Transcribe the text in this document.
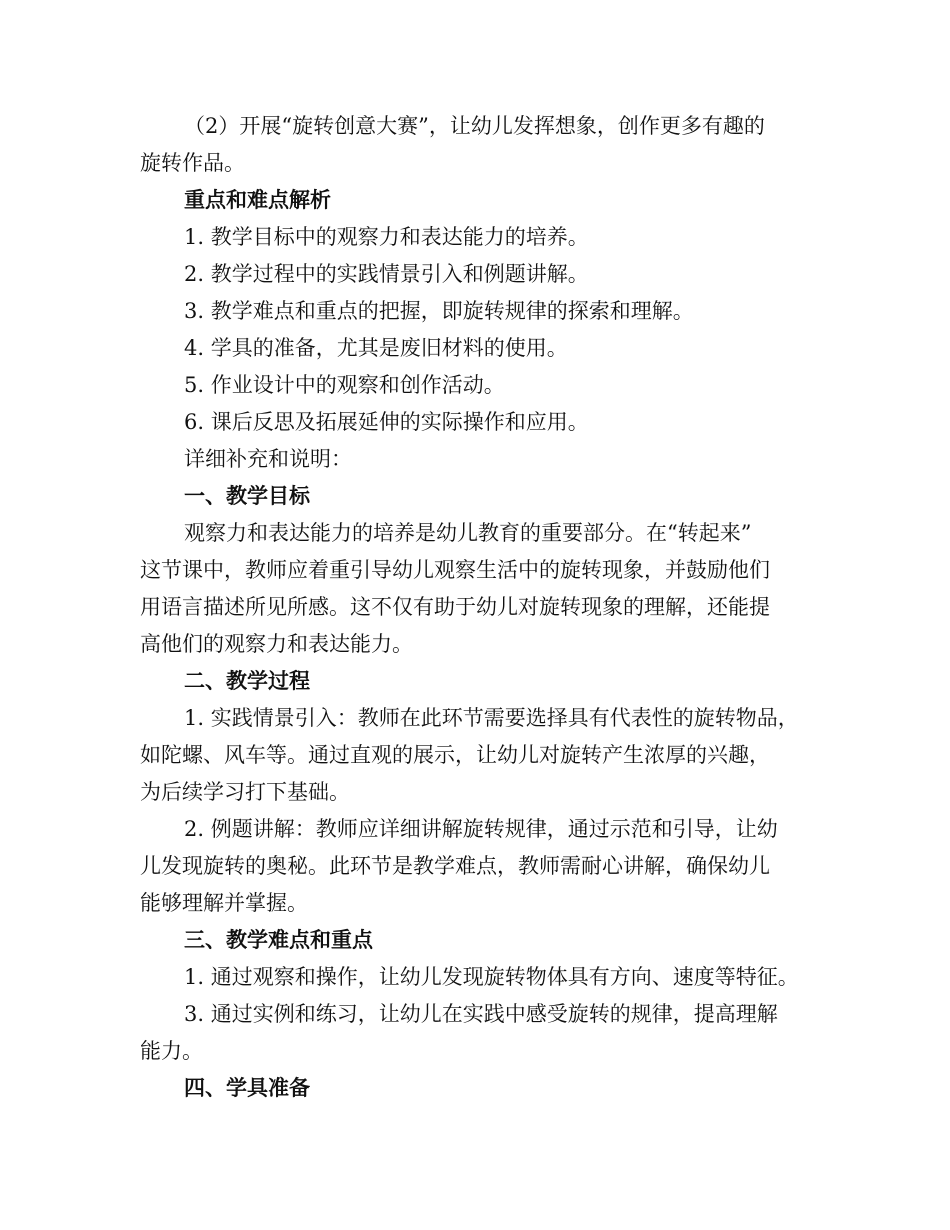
（2）开展“旋转创意大赛”，让幼儿发挥想象，创作更多有趣的
旋转作品。
重点和难点解析
1. 教学目标中的观察力和表达能力的培养。
2. 教学过程中的实践情景引入和例题讲解。
3. 教学难点和重点的把握，即旋转规律的探索和理解。
4. 学具的准备，尤其是废旧材料的使用。
5. 作业设计中的观察和创作活动。
6. 课后反思及拓展延伸的实际操作和应用。
详细补充和说明：
一、教学目标
观察力和表达能力的培养是幼儿教育的重要部分。在“转起来”
这节课中，教师应着重引导幼儿观察生活中的旋转现象，并鼓励他们
用语言描述所见所感。这不仅有助于幼儿对旋转现象的理解，还能提
高他们的观察力和表达能力。
二、教学过程
1. 实践情景引入：教师在此环节需要选择具有代表性的旋转物品，
如陀螺、风车等。通过直观的展示，让幼儿对旋转产生浓厚的兴趣，
为后续学习打下基础。
2. 例题讲解：教师应详细讲解旋转规律，通过示范和引导，让幼
儿发现旋转的奥秘。此环节是教学难点，教师需耐心讲解，确保幼儿
能够理解并掌握。
三、教学难点和重点
1. 通过观察和操作，让幼儿发现旋转物体具有方向、速度等特征。
3. 通过实例和练习，让幼儿在实践中感受旋转的规律，提高理解
能力。
四、学具准备
